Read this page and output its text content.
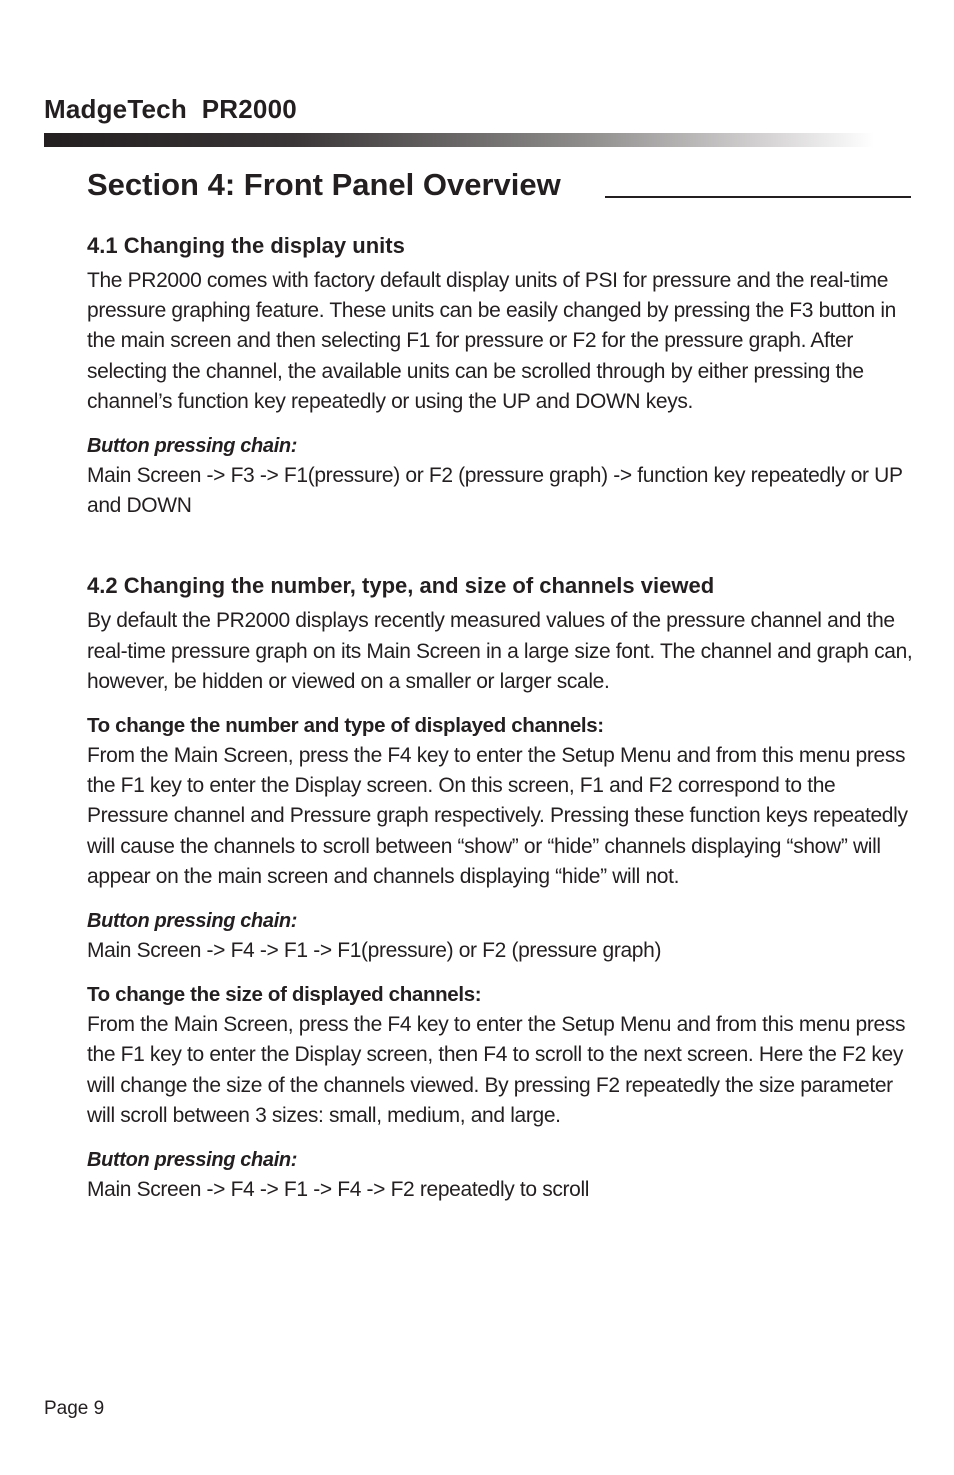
MadgeTech  PR2000
Section 4: Front Panel Overview
4.1 Changing the display units

The PR2000 comes with factory default display units of PSI for pressure and the real-time pressure graphing feature. These units can be easily changed by pressing the F3 button in the main screen and then selecting F1 for pressure or F2 for the pressure graph. After selecting the channel, the available units can be scrolled through by either pressing the channel’s function key repeatedly or using the UP and DOWN keys.

Button pressing chain:

Main Screen -> F3 -> F1(pressure) or F2 (pressure graph) -> function key repeatedly or UP and DOWN

4.2 Changing the number, type, and size of channels viewed

By default the PR2000 displays recently measured values of the pressure channel and the real-time pressure graph on its Main Screen in a large size font. The channel and graph can, however, be hidden or viewed on a smaller or larger scale.

To change the number and type of displayed channels:

From the Main Screen, press the F4 key to enter the Setup Menu and from this menu press the F1 key to enter the Display screen. On this screen, F1 and F2 correspond to the Pressure channel and Pressure graph respectively. Pressing these function keys repeatedly will cause the channels to scroll between “show” or “hide” channels displaying “show” will appear on the main screen and channels displaying “hide” will not.

Button pressing chain:

Main Screen -> F4 -> F1 -> F1(pressure) or F2 (pressure graph)

To change the size of displayed channels:

From the Main Screen, press the F4 key to enter the Setup Menu and from this menu press the F1 key to enter the Display screen, then F4 to scroll to the next screen. Here the F2 key will change the size of the channels viewed. By pressing F2 repeatedly the size parameter will scroll between 3 sizes: small, medium, and large.

Button pressing chain:

Main Screen -> F4 -> F1 -> F4 -> F2 repeatedly to scroll

Page 9
